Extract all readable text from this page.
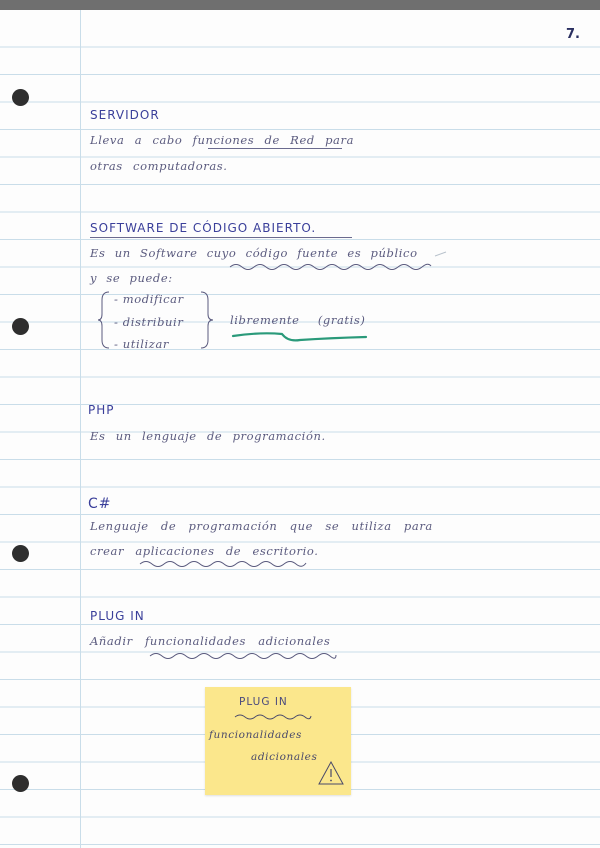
7.
SERVIDOR
Lleva a cabo funciones de Red para
otras computadoras.
SOFTWARE DE CÓDIGO ABIERTO.
Es un Software cuyo código fuente es público
y se puede:
- modificar
- distribuir
- utilizar
libremente (gratis)
PHP
Es un lenguaje de programación.
C#
Lenguaje de programación que se utiliza para
crear aplicaciones de escritorio.
PLUG IN
Añadir funcionalidades adicionales
PLUG IN
funcionalidades
adicionales
